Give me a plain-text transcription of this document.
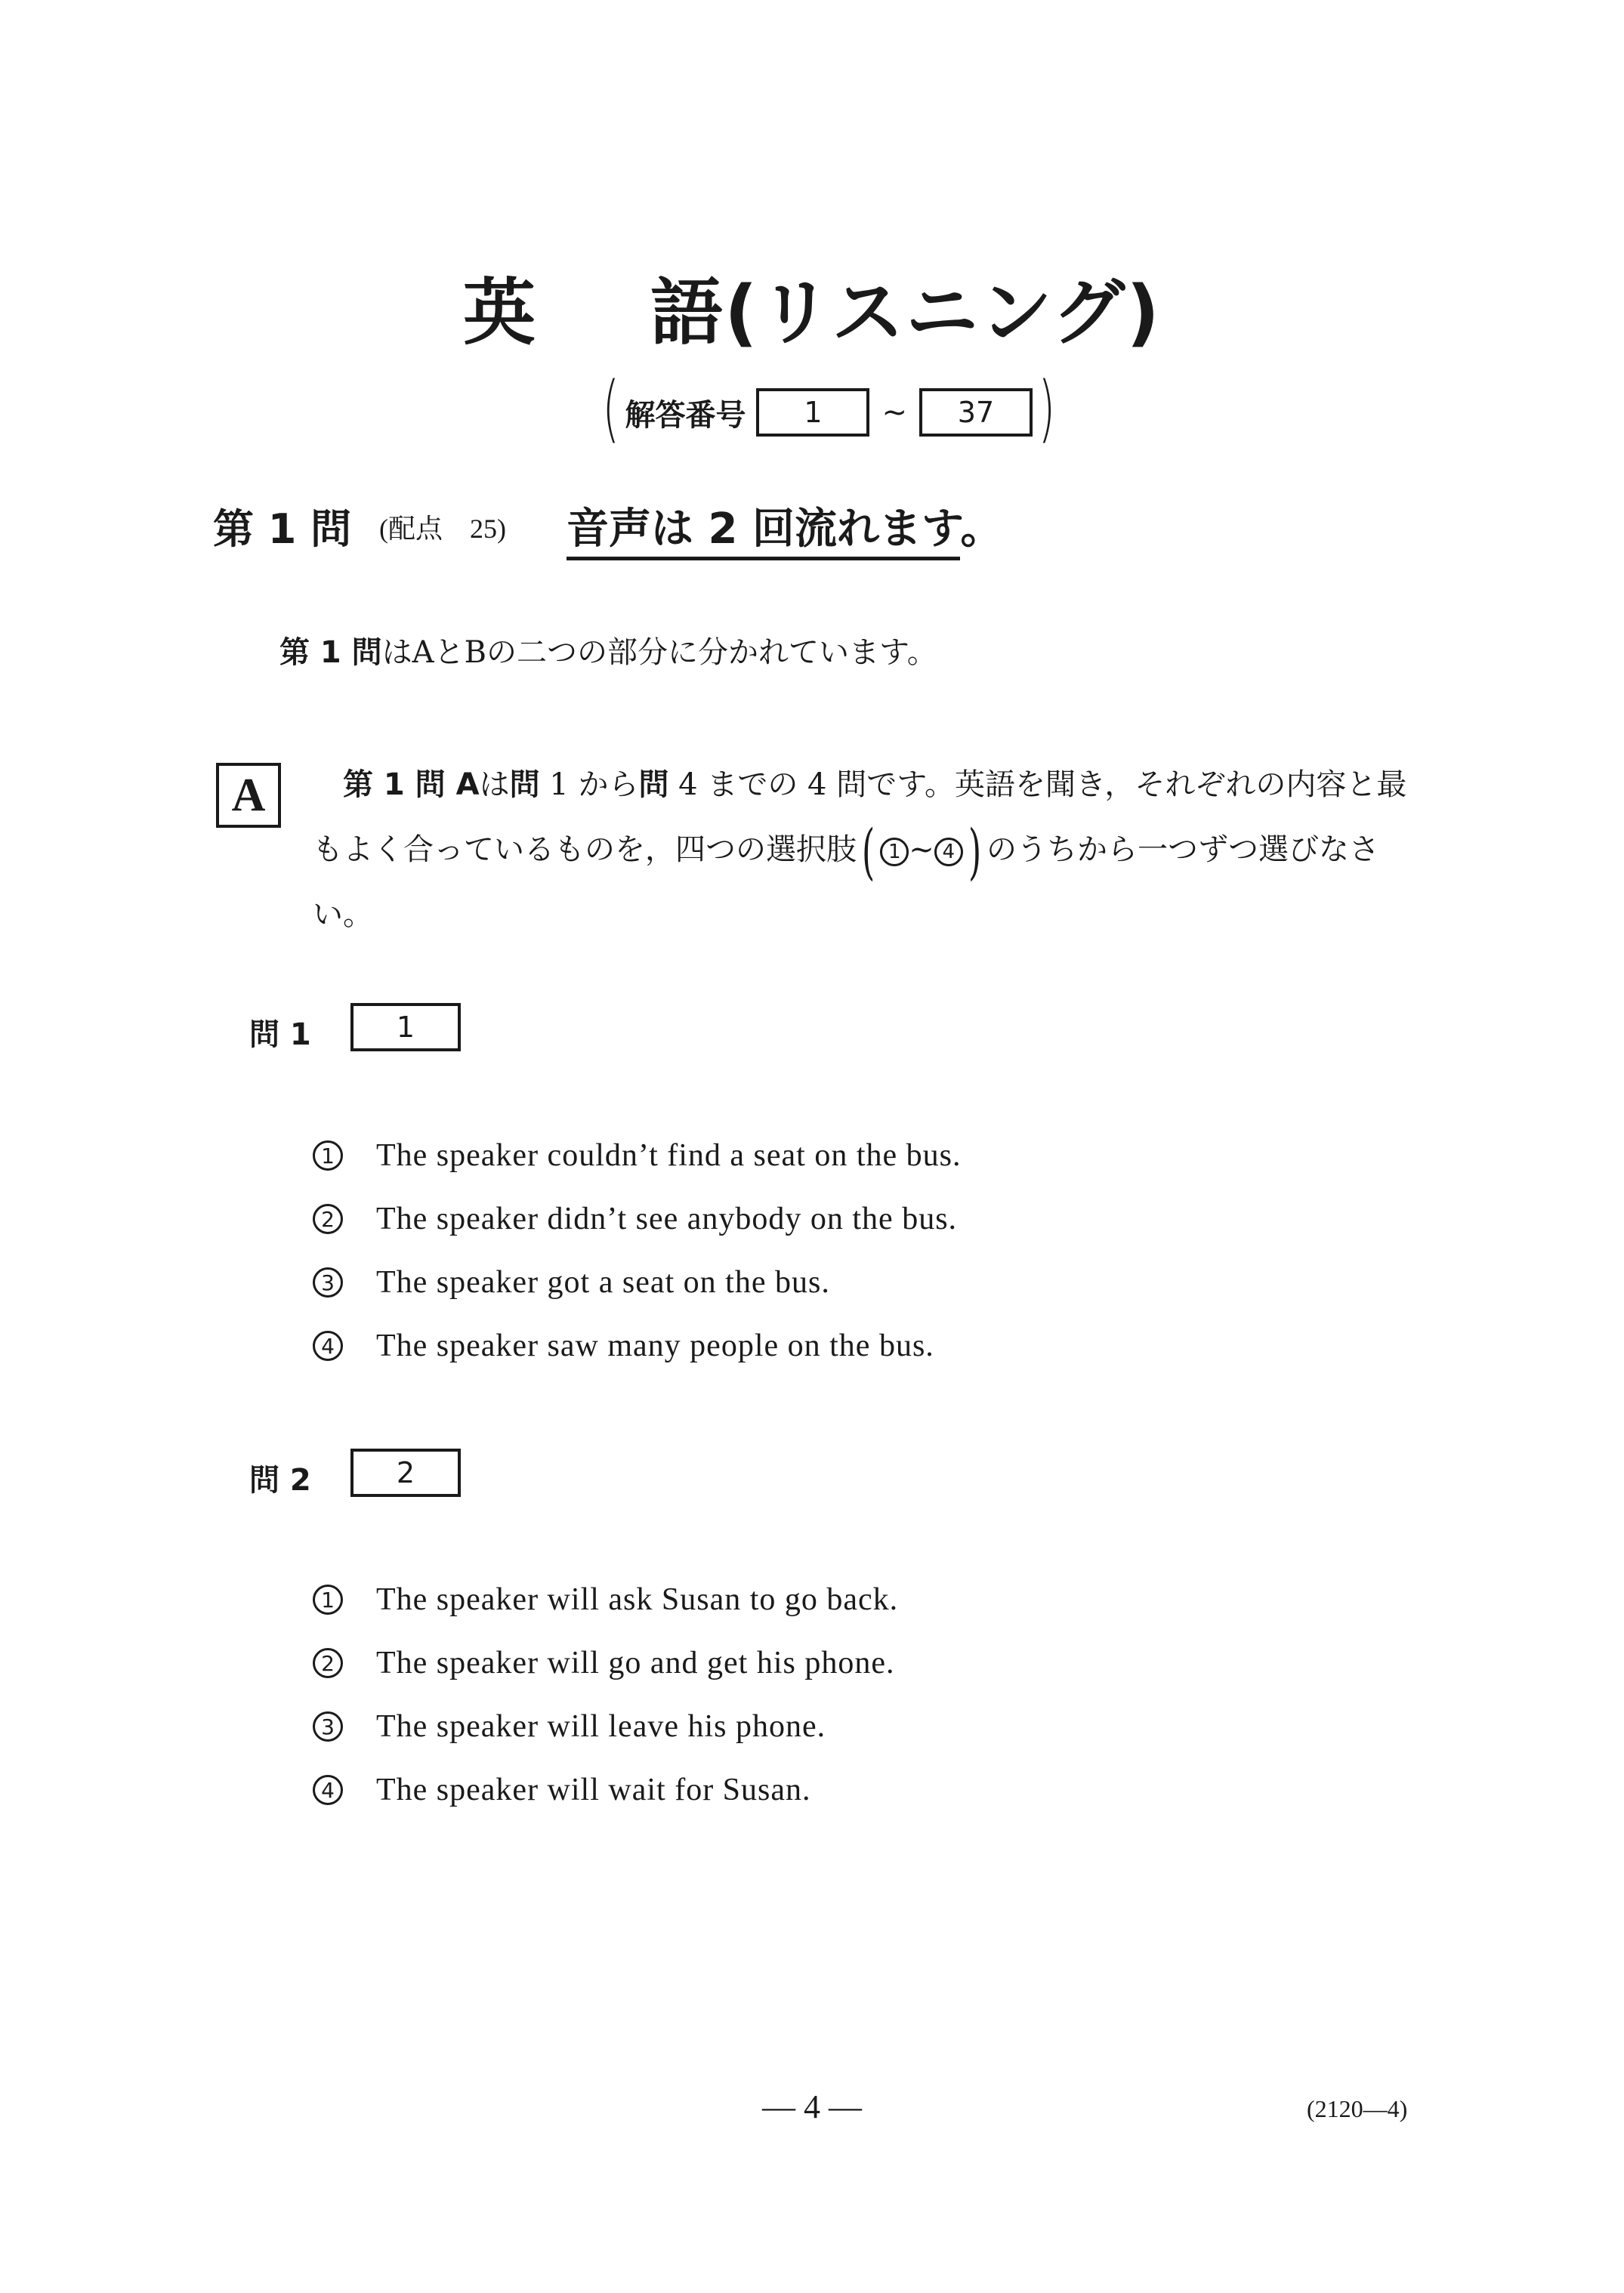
英 語(リスニング)
( 解答番号	1	~	37 )
第 1 問 (配点　25) 音声は 2 回流れます。
第 1 問はAとBの二つの部分に分かれています。
A	第 1 問 Aは問 1 から問 4 までの 4 問です。英語を聞き，それぞれの内容と最
もよく合っているものを，四つの選択肢( 1 ~ 4 ) のうちから一つずつ選びなさ
い。
問 1	1
1 The speaker couldn’t find a seat on the bus.
2 The speaker didn’t see anybody on the bus.
3 The speaker got a seat on the bus.
4 The speaker saw many people on the bus.
問 2	2
1 The speaker will ask Susan to go back.
2 The speaker will go and get his phone.
3 The speaker will leave his phone.
4 The speaker will wait for Susan.
— 4 —	(2120—4)
